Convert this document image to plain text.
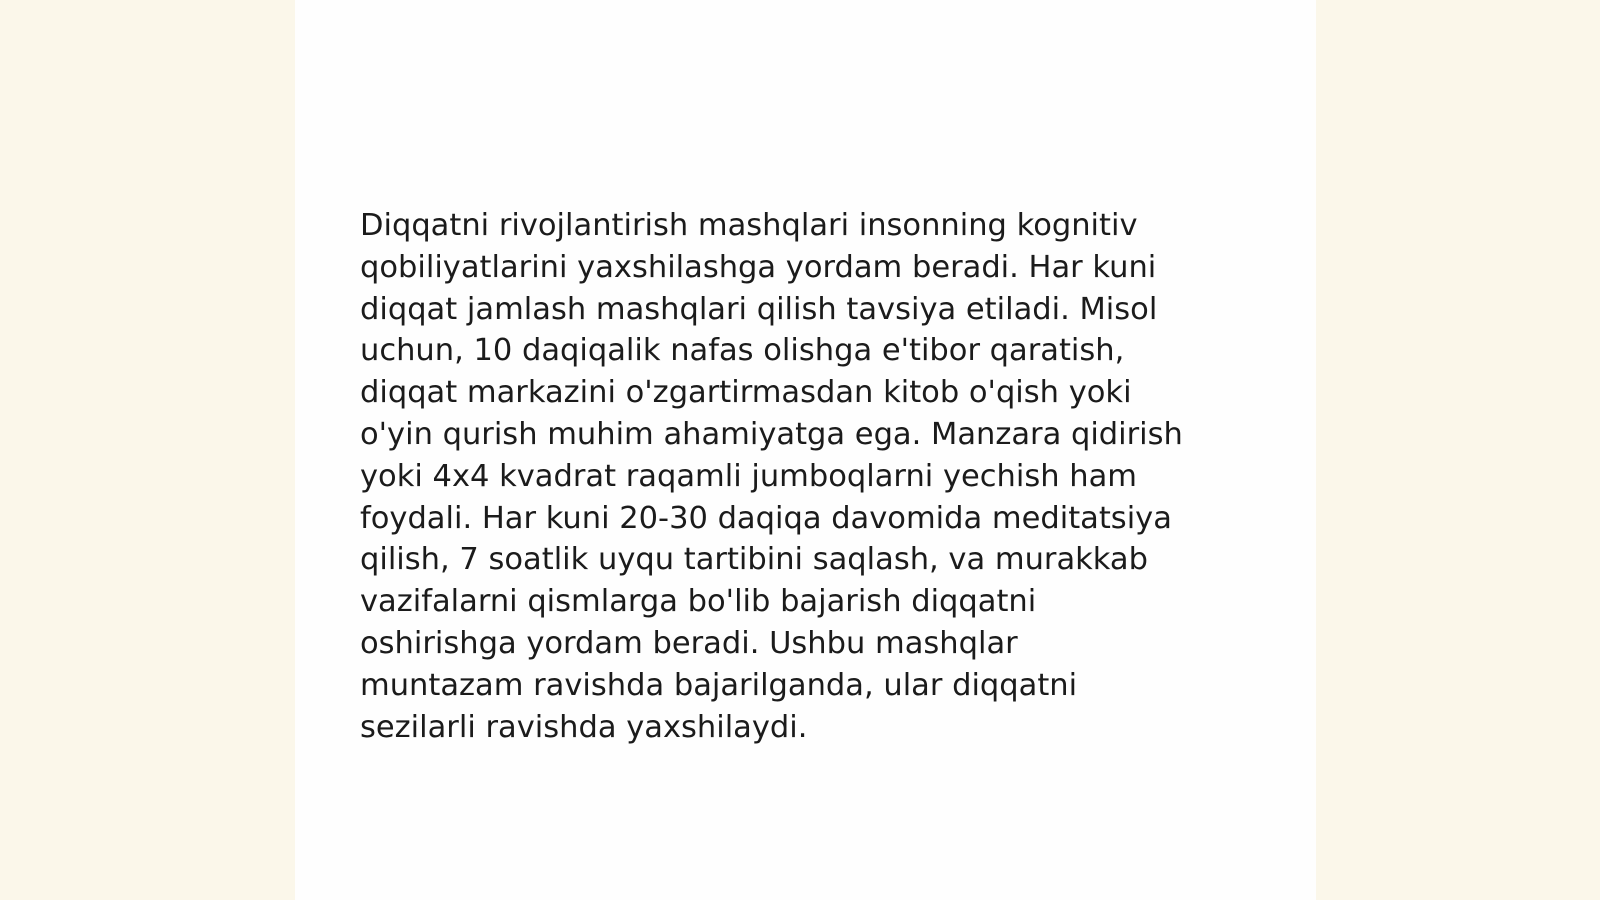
Diqqatni rivojlantirish mashqlari insonning kognitiv
qobiliyatlarini yaxshilashga yordam beradi. Har kuni
diqqat jamlash mashqlari qilish tavsiya etiladi. Misol
uchun, 10 daqiqalik nafas olishga e'tibor qaratish,
diqqat markazini o'zgartirmasdan kitob o'qish yoki
o'yin qurish muhim ahamiyatga ega. Manzara qidirish
yoki 4x4 kvadrat raqamli jumboqlarni yechish ham
foydali. Har kuni 20-30 daqiqa davomida meditatsiya
qilish, 7 soatlik uyqu tartibini saqlash, va murakkab
vazifalarni qismlarga bo'lib bajarish diqqatni
oshirishga yordam beradi. Ushbu mashqlar
muntazam ravishda bajarilganda, ular diqqatni
sezilarli ravishda yaxshilaydi.
